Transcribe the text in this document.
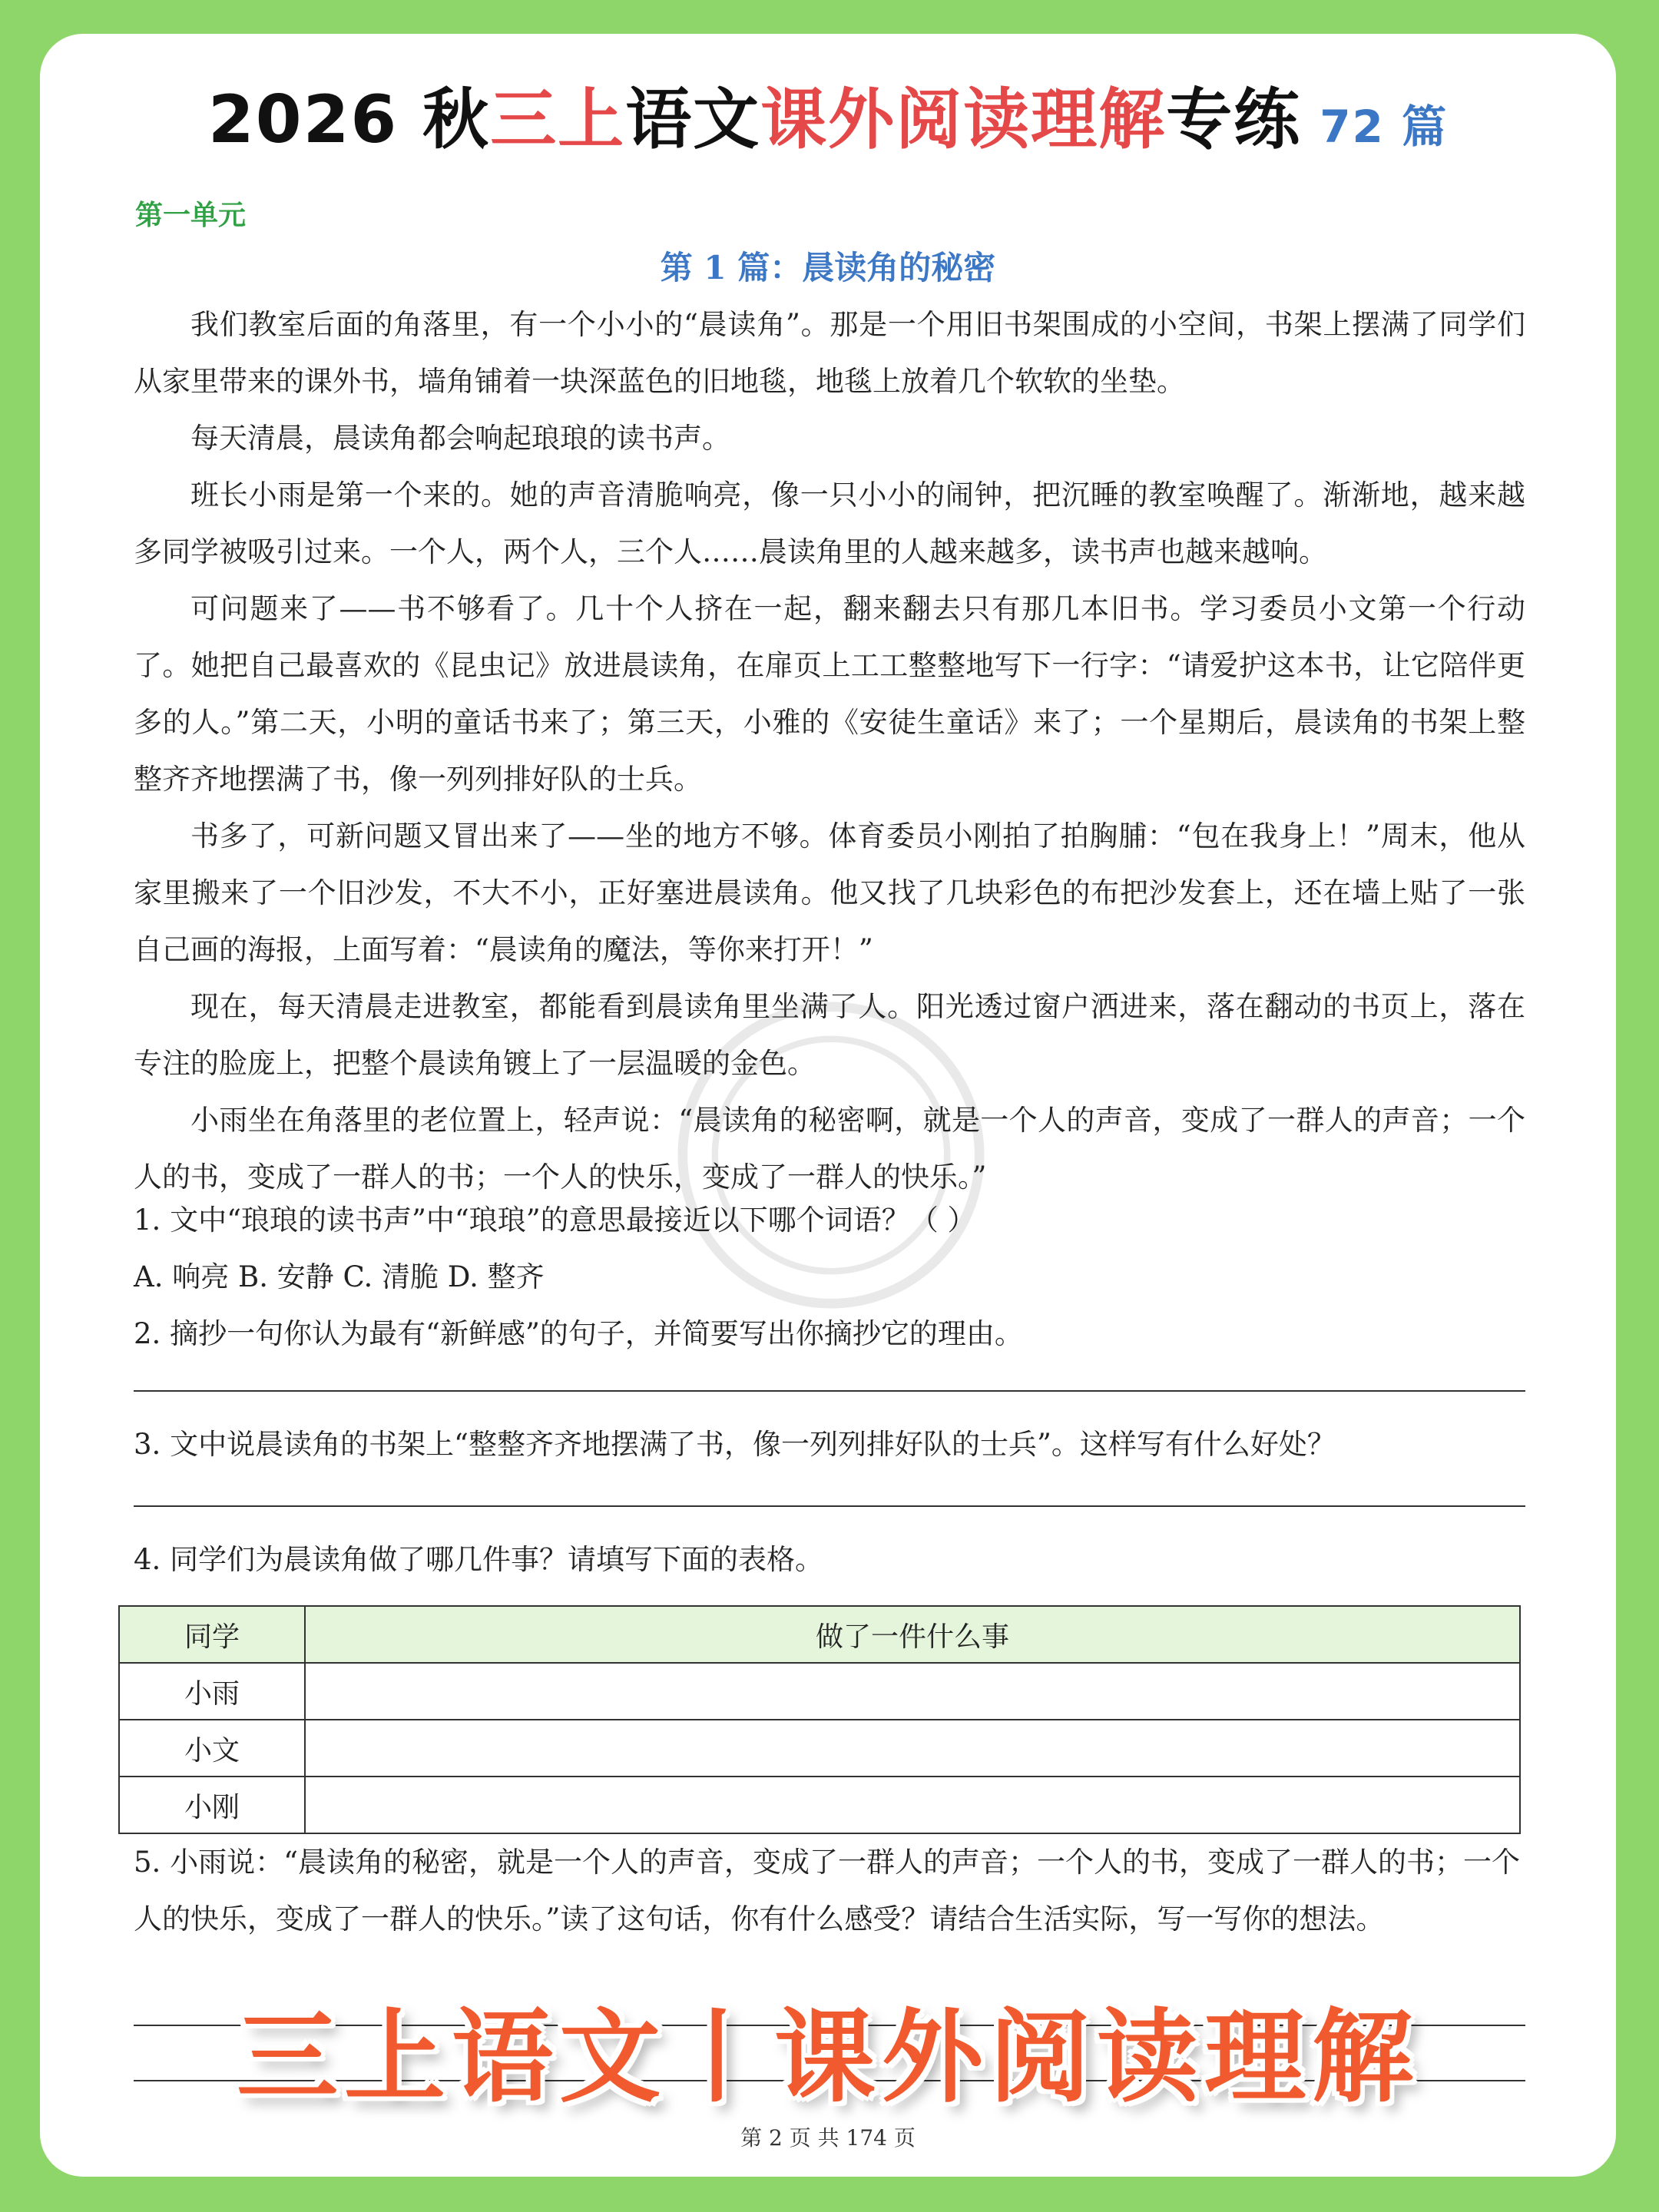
2026 秋三上语文课外阅读理解专练 72 篇
第一单元
第 1 篇：晨读角的秘密

我们教室后面的角落里，有一个小小的“晨读角”。那是一个用旧书架围成的小空间，书架上摆满了同学们从家里带来的课外书，墙角铺着一块深蓝色的旧地毯，地毯上放着几个软软的坐垫。

每天清晨，晨读角都会响起琅琅的读书声。

班长小雨是第一个来的。她的声音清脆响亮，像一只小小的闹钟，把沉睡的教室唤醒了。渐渐地，越来越多同学被吸引过来。一个人，两个人，三个人……晨读角里的人越来越多，读书声也越来越响。

可问题来了——书不够看了。几十个人挤在一起，翻来翻去只有那几本旧书。学习委员小文第一个行动了。她把自己最喜欢的《昆虫记》放进晨读角，在扉页上工工整整地写下一行字：“请爱护这本书，让它陪伴更多的人。”第二天，小明的童话书来了；第三天，小雅的《安徒生童话》来了；一个星期后，晨读角的书架上整整齐齐地摆满了书，像一列列排好队的士兵。

书多了，可新问题又冒出来了——坐的地方不够。体育委员小刚拍了拍胸脯：“包在我身上！”周末，他从家里搬来了一个旧沙发，不大不小，正好塞进晨读角。他又找了几块彩色的布把沙发套上，还在墙上贴了一张自己画的海报，上面写着：“晨读角的魔法，等你来打开！”

现在，每天清晨走进教室，都能看到晨读角里坐满了人。阳光透过窗户洒进来，落在翻动的书页上，落在专注的脸庞上，把整个晨读角镀上了一层温暖的金色。

小雨坐在角落里的老位置上，轻声说：“晨读角的秘密啊，就是一个人的声音，变成了一群人的声音；一个人的书，变成了一群人的书；一个人的快乐，变成了一群人的快乐。”

1. 文中“琅琅的读书声”中“琅琅”的意思最接近以下哪个词语？（ ）
A. 响亮 B. 安静 C. 清脆 D. 整齐
2. 摘抄一句你认为最有“新鲜感”的句子，并简要写出你摘抄它的理由。
3. 文中说晨读角的书架上“整整齐齐地摆满了书，像一列列排好队的士兵”。这样写有什么好处？
4. 同学们为晨读角做了哪几件事？请填写下面的表格。
同学	做了一件什么事
小雨	
小文	
小刚	
5. 小雨说：“晨读角的秘密，就是一个人的声音，变成了一群人的声音；一个人的书，变成了一群人的书；一个人的快乐，变成了一群人的快乐。”读了这句话，你有什么感受？请结合生活实际，写一写你的想法。
三上语文丨课外阅读理解
第 2 页 共 174 页
